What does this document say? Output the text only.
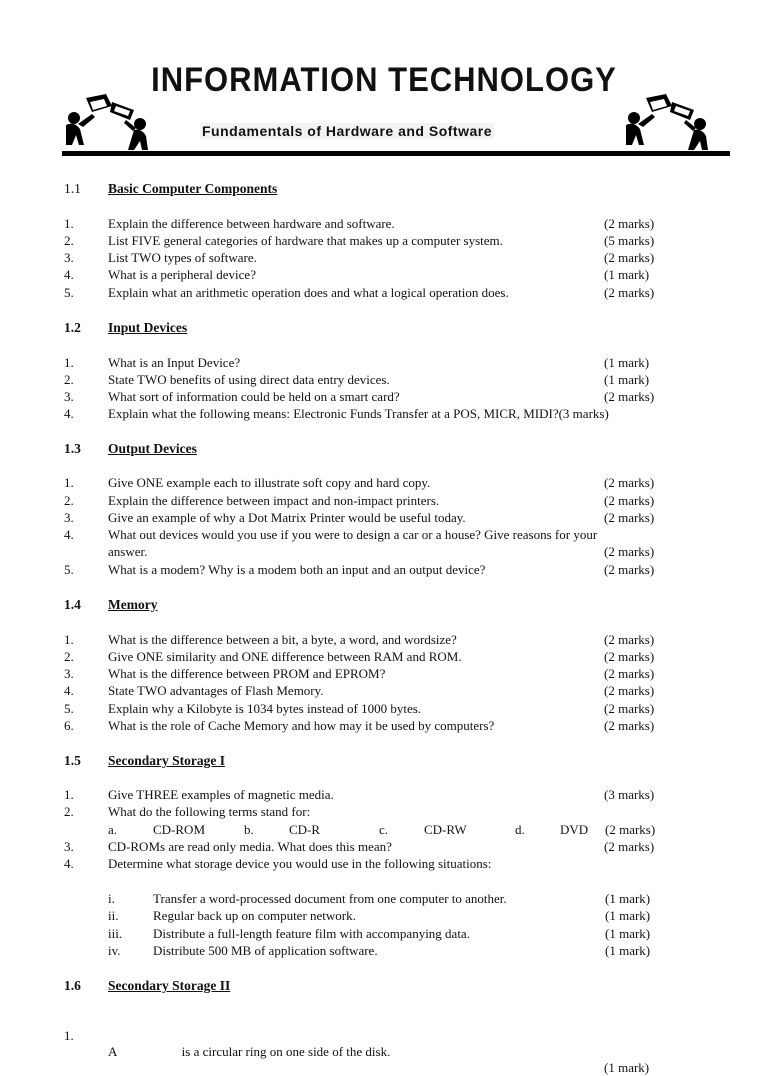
INFORMATION TECHNOLOGY
Fundamentals of Hardware and Software
1.1 Basic Computer Components
1.	Explain the difference between hardware and software.	(2 marks)
2.	List FIVE general categories of hardware that makes up a computer system.	(5 marks)
3.	List TWO types of software.	(2 marks)
4.	What is a peripheral device?	(1 mark)
5.	Explain what an arithmetic operation does and what a logical operation does.	(2 marks)
1.2 Input Devices
1.	What is an Input Device?	(1 mark)
2.	State TWO benefits of using direct data entry devices.	(1 mark)
3.	What sort of information could be held on a smart card?	(2 marks)
4.	Explain what the following means: Electronic Funds Transfer at a POS, MICR, MIDI?(3 marks)
1.3 Output Devices
1.	Give ONE example each to illustrate soft copy and hard copy.	(2 marks)
2.	Explain the difference between impact and non-impact printers.	(2 marks)
3.	Give an example of why a Dot Matrix Printer would be useful today.	(2 marks)
4.	What out devices would you use if you were to design a car or a house? Give reasons for your
answer.	(2 marks)
5.	What is a modem? Why is a modem both an input and an output device?	(2 marks)
1.4 Memory
1.	What is the difference between a bit, a byte, a word, and wordsize?	(2 marks)
2.	Give ONE similarity and ONE difference between RAM and ROM.	(2 marks)
3.	What is the difference between PROM and EPROM?	(2 marks)
4.	State TWO advantages of Flash Memory.	(2 marks)
5.	Explain why a Kilobyte is 1034 bytes instead of 1000 bytes.	(2 marks)
6.	What is the role of Cache Memory and how may it be used by computers?	(2 marks)
1.5 Secondary Storage I
1.	Give THREE examples of magnetic media.	(3 marks)
2.	What do the following terms stand for:
a.	CD-ROM	b.	CD-R	c.	CD-RW	d.	DVD (2 marks)
3.	CD-ROMs are read only media. What does this mean?	(2 marks)
4.	Determine what storage device you would use in the following situations:
i.	Transfer a word-processed document from one computer to another.	(1 mark)
ii.	Regular back up on computer network.	(1 mark)
iii. Distribute a full-length feature film with accompanying data.	(1 mark)
iv. Distribute 500 MB of application software.	(1 mark)
1.6 Secondary Storage II

1.

A                    is a circular ring on one side of the disk.

(1 mark)
